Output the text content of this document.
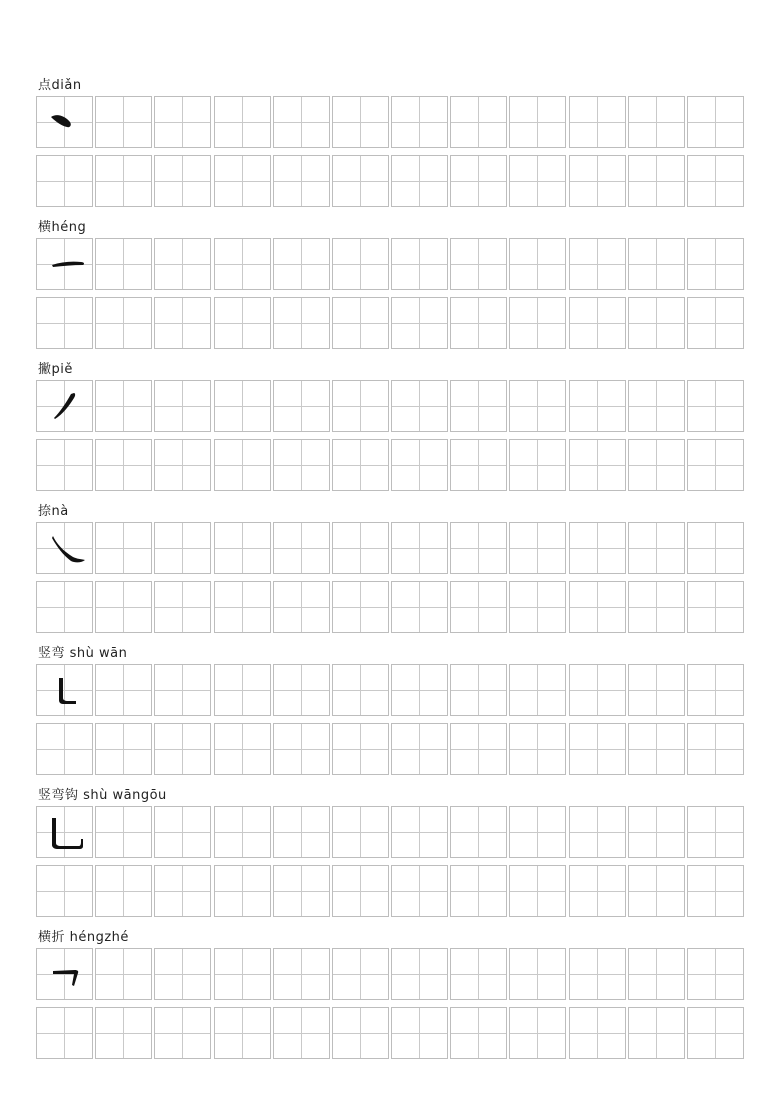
点diǎn
横héng
撇piě
捺nà
竖弯 shù wān
竖弯钩 shù wāngōu
横折 héngzhé
